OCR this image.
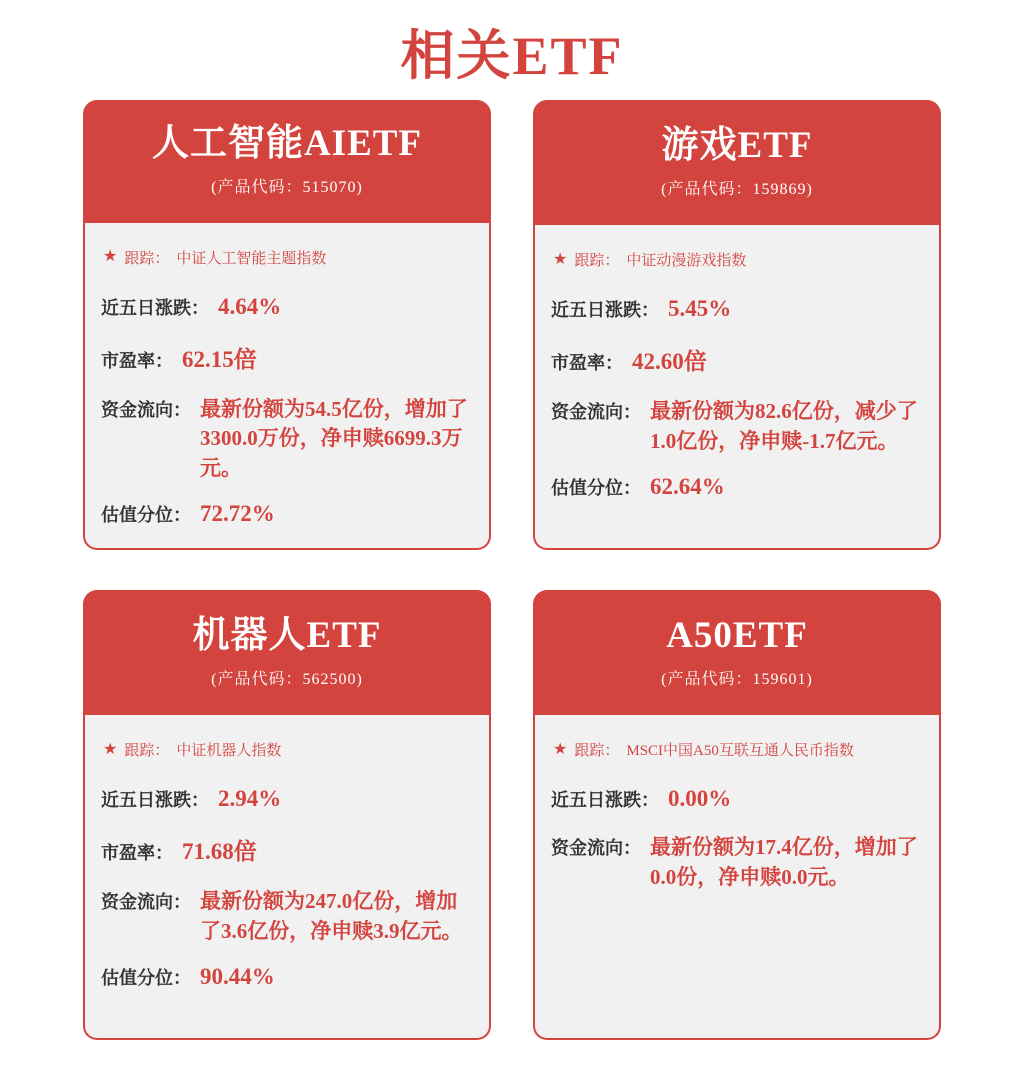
相关ETF
人工智能AIETF
(产品代码：515070)
★ 跟踪： 中证人工智能主题指数
近五日涨跌： 4.64%
市盈率： 62.15倍
资金流向： 最新份额为54.5亿份，增加了3300.0万份，净申赎6699.3万元。
估值分位： 72.72%
游戏ETF
(产品代码：159869)
★ 跟踪： 中证动漫游戏指数
近五日涨跌： 5.45%
市盈率： 42.60倍
资金流向： 最新份额为82.6亿份，减少了1.0亿份，净申赎-1.7亿元。
估值分位： 62.64%
机器人ETF
(产品代码：562500)
★ 跟踪： 中证机器人指数
近五日涨跌： 2.94%
市盈率： 71.68倍
资金流向： 最新份额为247.0亿份，增加了3.6亿份，净申赎3.9亿元。
估值分位： 90.44%
A50ETF
(产品代码：159601)
★ 跟踪： MSCI中国A50互联互通人民币指数
近五日涨跌： 0.00%
资金流向： 最新份额为17.4亿份，增加了0.0份，净申赎0.0元。
